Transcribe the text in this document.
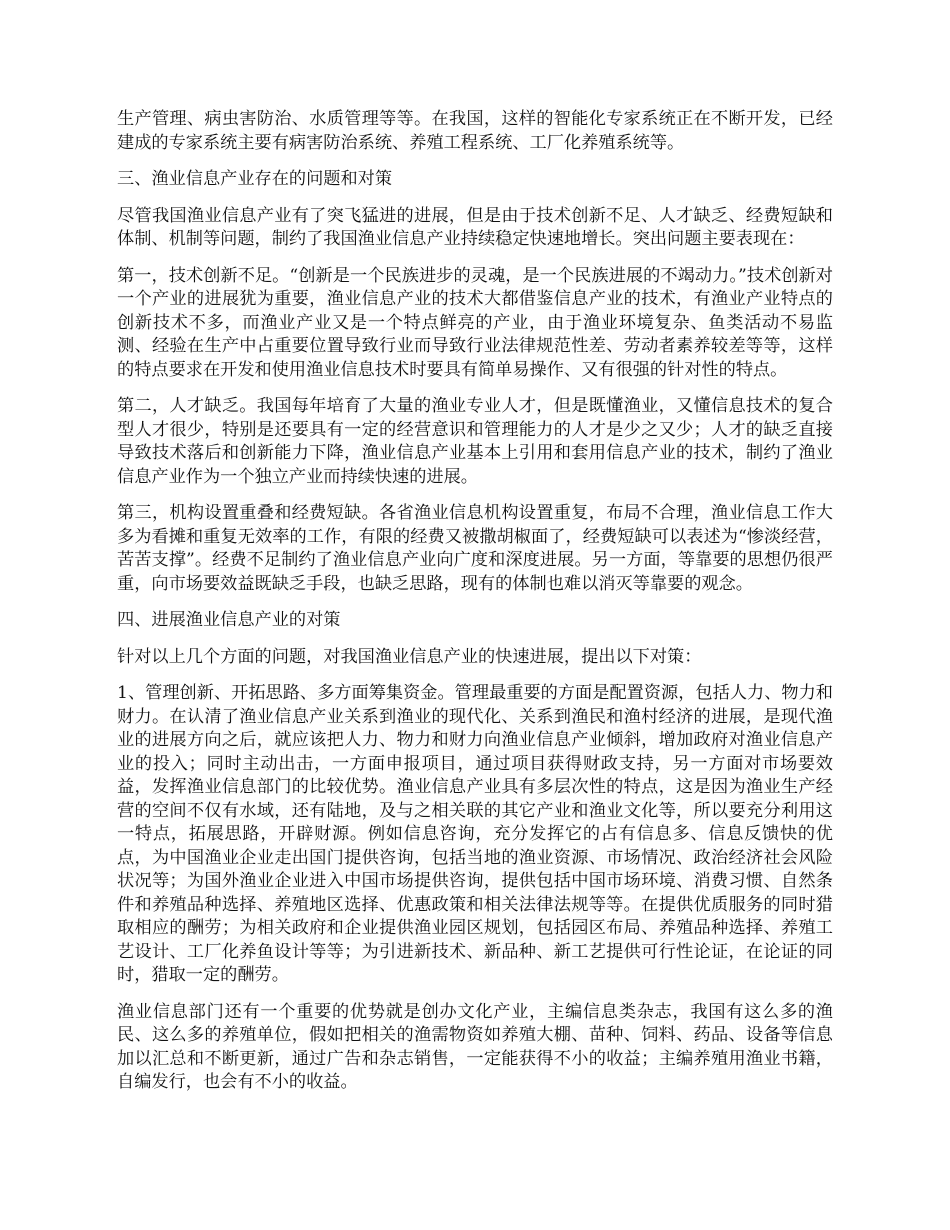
生产管理、病虫害防治、水质管理等等。在我国，这样的智能化专家系统正在不断开发，已经建成的专家系统主要有病害防治系统、养殖工程系统、工厂化养殖系统等。

三、渔业信息产业存在的问题和对策

尽管我国渔业信息产业有了突飞猛进的进展，但是由于技术创新不足、人才缺乏、经费短缺和体制、机制等问题，制约了我国渔业信息产业持续稳定快速地增长。突出问题主要表现在：

第一，技术创新不足。“创新是一个民族进步的灵魂，是一个民族进展的不竭动力。”技术创新对一个产业的进展犹为重要，渔业信息产业的技术大都借鉴信息产业的技术，有渔业产业特点的创新技术不多，而渔业产业又是一个特点鲜亮的产业，由于渔业环境复杂、鱼类活动不易监测、经验在生产中占重要位置导致行业而导致行业法律规范性差、劳动者素养较差等等，这样的特点要求在开发和使用渔业信息技术时要具有简单易操作、又有很强的针对性的特点。

第二，人才缺乏。我国每年培育了大量的渔业专业人才，但是既懂渔业，又懂信息技术的复合型人才很少，特别是还要具有一定的经营意识和管理能力的人才是少之又少；人才的缺乏直接导致技术落后和创新能力下降，渔业信息产业基本上引用和套用信息产业的技术，制约了渔业信息产业作为一个独立产业而持续快速的进展。

第三，机构设置重叠和经费短缺。各省渔业信息机构设置重复，布局不合理，渔业信息工作大多为看摊和重复无效率的工作，有限的经费又被撒胡椒面了，经费短缺可以表述为“惨淡经营，苦苦支撑”。经费不足制约了渔业信息产业向广度和深度进展。另一方面，等靠要的思想仍很严重，向市场要效益既缺乏手段，也缺乏思路，现有的体制也难以消灭等靠要的观念。

四、进展渔业信息产业的对策

针对以上几个方面的问题，对我国渔业信息产业的快速进展，提出以下对策：

1、管理创新、开拓思路、多方面筹集资金。管理最重要的方面是配置资源，包括人力、物力和财力。在认清了渔业信息产业关系到渔业的现代化、关系到渔民和渔村经济的进展，是现代渔业的进展方向之后，就应该把人力、物力和财力向渔业信息产业倾斜，增加政府对渔业信息产业的投入；同时主动出击，一方面申报项目，通过项目获得财政支持，另一方面对市场要效益，发挥渔业信息部门的比较优势。渔业信息产业具有多层次性的特点，这是因为渔业生产经营的空间不仅有水域，还有陆地，及与之相关联的其它产业和渔业文化等，所以要充分利用这一特点，拓展思路，开辟财源。例如信息咨询，充分发挥它的占有信息多、信息反馈快的优点，为中国渔业企业走出国门提供咨询，包括当地的渔业资源、市场情况、政治经济社会风险状况等；为国外渔业企业进入中国市场提供咨询，提供包括中国市场环境、消费习惯、自然条件和养殖品种选择、养殖地区选择、优惠政策和相关法律法规等等。在提供优质服务的同时猎取相应的酬劳；为相关政府和企业提供渔业园区规划，包括园区布局、养殖品种选择、养殖工艺设计、工厂化养鱼设计等等；为引进新技术、新品种、新工艺提供可行性论证，在论证的同时，猎取一定的酬劳。

渔业信息部门还有一个重要的优势就是创办文化产业，主编信息类杂志，我国有这么多的渔民、这么多的养殖单位，假如把相关的渔需物资如养殖大棚、苗种、饲料、药品、设备等信息加以汇总和不断更新，通过广告和杂志销售，一定能获得不小的收益；主编养殖用渔业书籍，自编发行，也会有不小的收益。
